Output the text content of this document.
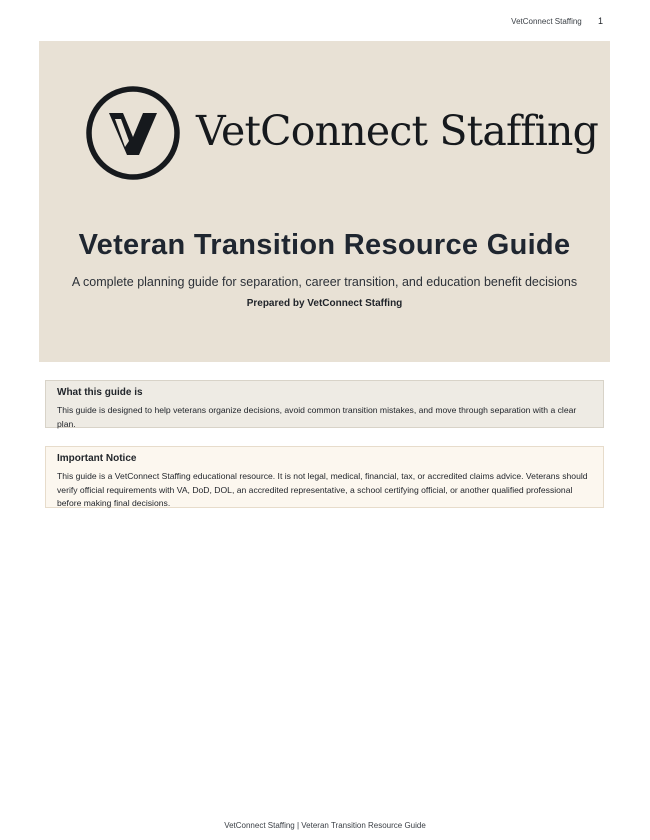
VetConnect Staffing 1
VetConnect Staffing
Veteran Transition Resource Guide
A complete planning guide for separation, career transition, and education benefit decisions
Prepared by VetConnect Staffing
What this guide is

This guide is designed to help veterans organize decisions, avoid common transition mistakes, and move through separation with a clear plan.

Important Notice

This guide is a VetConnect Staffing educational resource. It is not legal, medical, financial, tax, or accredited claims advice. Veterans should verify official requirements with VA, DoD, DOL, an accredited representative, a school certifying official, or another qualified professional before making final decisions.

VetConnect Staffing | Veteran Transition Resource Guide
